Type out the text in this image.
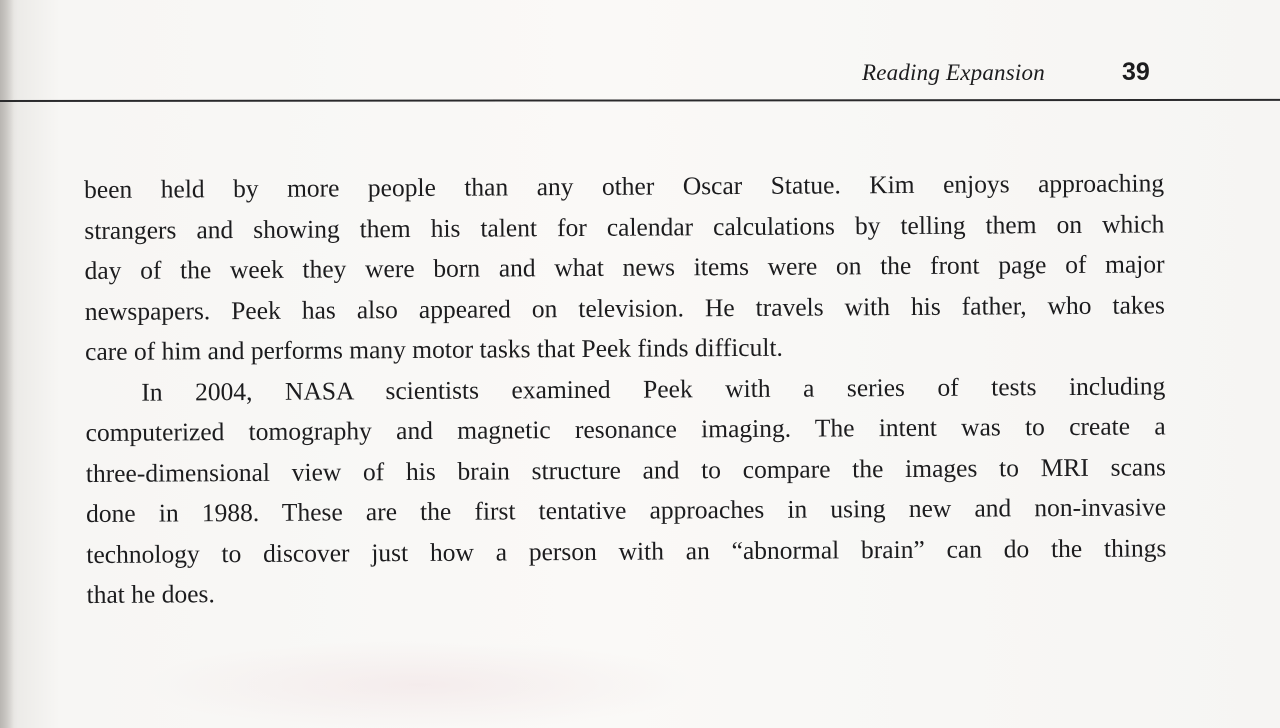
Reading Expansion	39
been held by more people than any other Oscar Statue. Kim enjoys approaching
strangers and showing them his talent for calendar calculations by telling them on which
day of the week they were born and what news items were on the front page of major
newspapers. Peek has also appeared on television. He travels with his father, who takes
care of him and performs many motor tasks that Peek finds difficult.
In 2004, NASA scientists examined Peek with a series of tests including
computerized tomography and magnetic resonance imaging. The intent was to create a
three-dimensional view of his brain structure and to compare the images to MRI scans
done in 1988. These are the first tentative approaches in using new and non-invasive
technology to discover just how a person with an “abnormal brain” can do the things
that he does.
